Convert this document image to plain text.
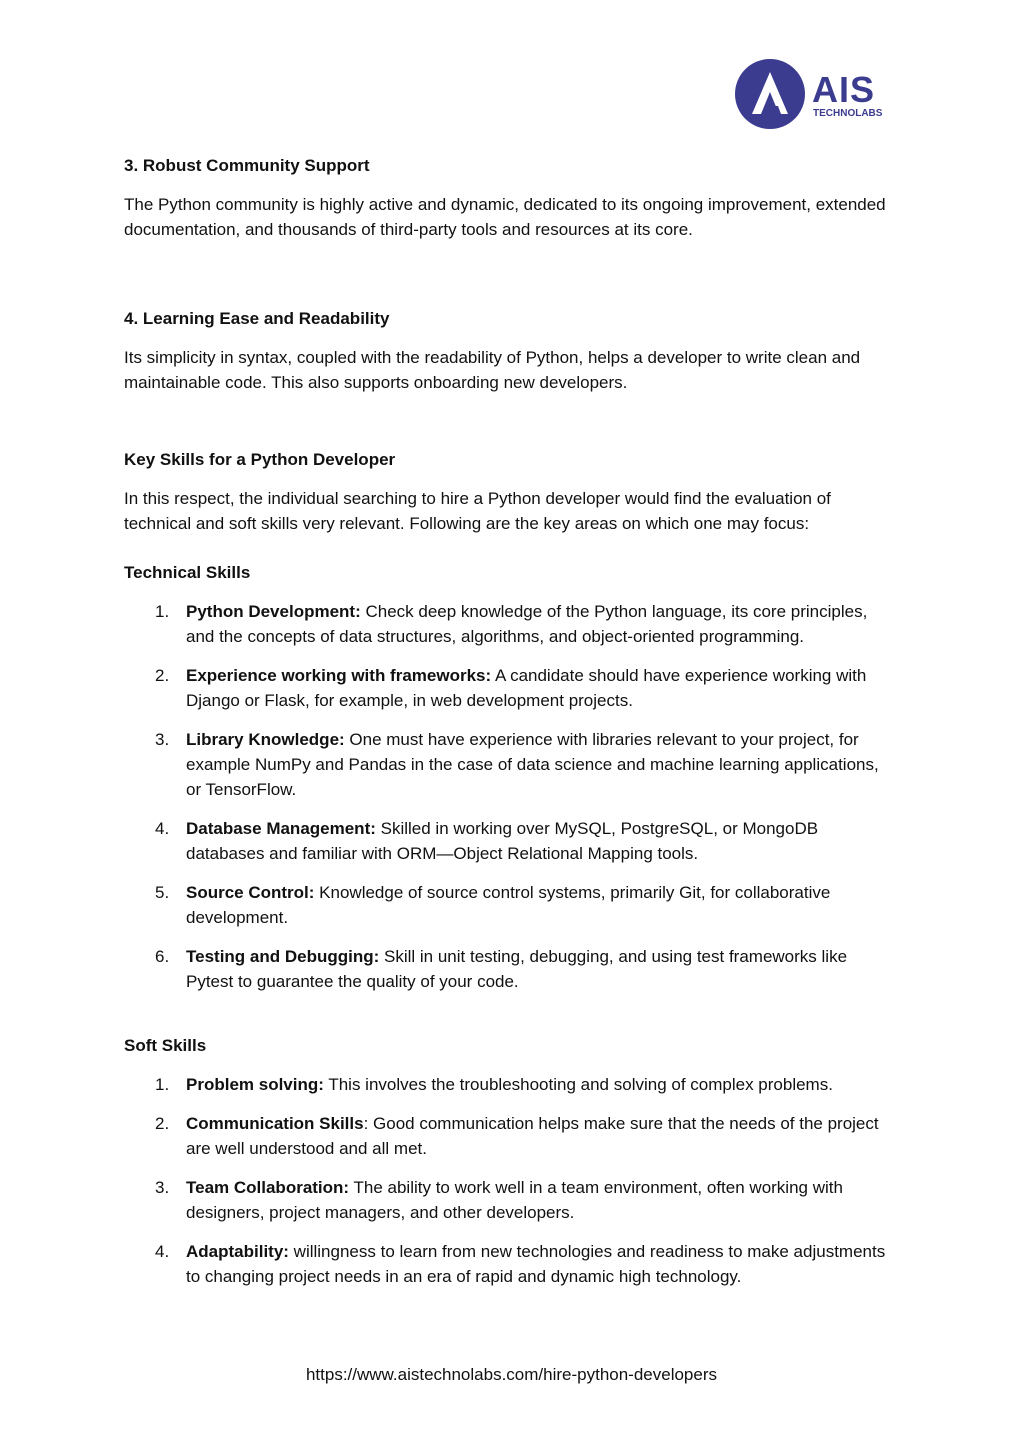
AIS
TECHNOLABS

3. Robust Community Support

The Python community is highly active and dynamic, dedicated to its ongoing improvement, extended documentation, and thousands of third-party tools and resources at its core.

4. Learning Ease and Readability

Its simplicity in syntax, coupled with the readability of Python, helps a developer to write clean and maintainable code. This also supports onboarding new developers.

Key Skills for a Python Developer

In this respect, the individual searching to hire a Python developer would find the evaluation of technical and soft skills very relevant. Following are the key areas on which one may focus:

Technical Skills

1. Python Development: Check deep knowledge of the Python language, its core principles, and the concepts of data structures, algorithms, and object-oriented programming.
2. Experience working with frameworks: A candidate should have experience working with Django or Flask, for example, in web development projects.
3. Library Knowledge: One must have experience with libraries relevant to your project, for example NumPy and Pandas in the case of data science and machine learning applications, or TensorFlow.
4. Database Management: Skilled in working over MySQL, PostgreSQL, or MongoDB databases and familiar with ORM—Object Relational Mapping tools.
5. Source Control: Knowledge of source control systems, primarily Git, for collaborative development.
6. Testing and Debugging: Skill in unit testing, debugging, and using test frameworks like Pytest to guarantee the quality of your code.

Soft Skills

1. Problem solving: This involves the troubleshooting and solving of complex problems.
2. Communication Skills: Good communication helps make sure that the needs of the project are well understood and all met.
3. Team Collaboration: The ability to work well in a team environment, often working with designers, project managers, and other developers.
4. Adaptability: willingness to learn from new technologies and readiness to make adjustments to changing project needs in an era of rapid and dynamic high technology.
https://www.aistechnolabs.com/hire-python-developers
